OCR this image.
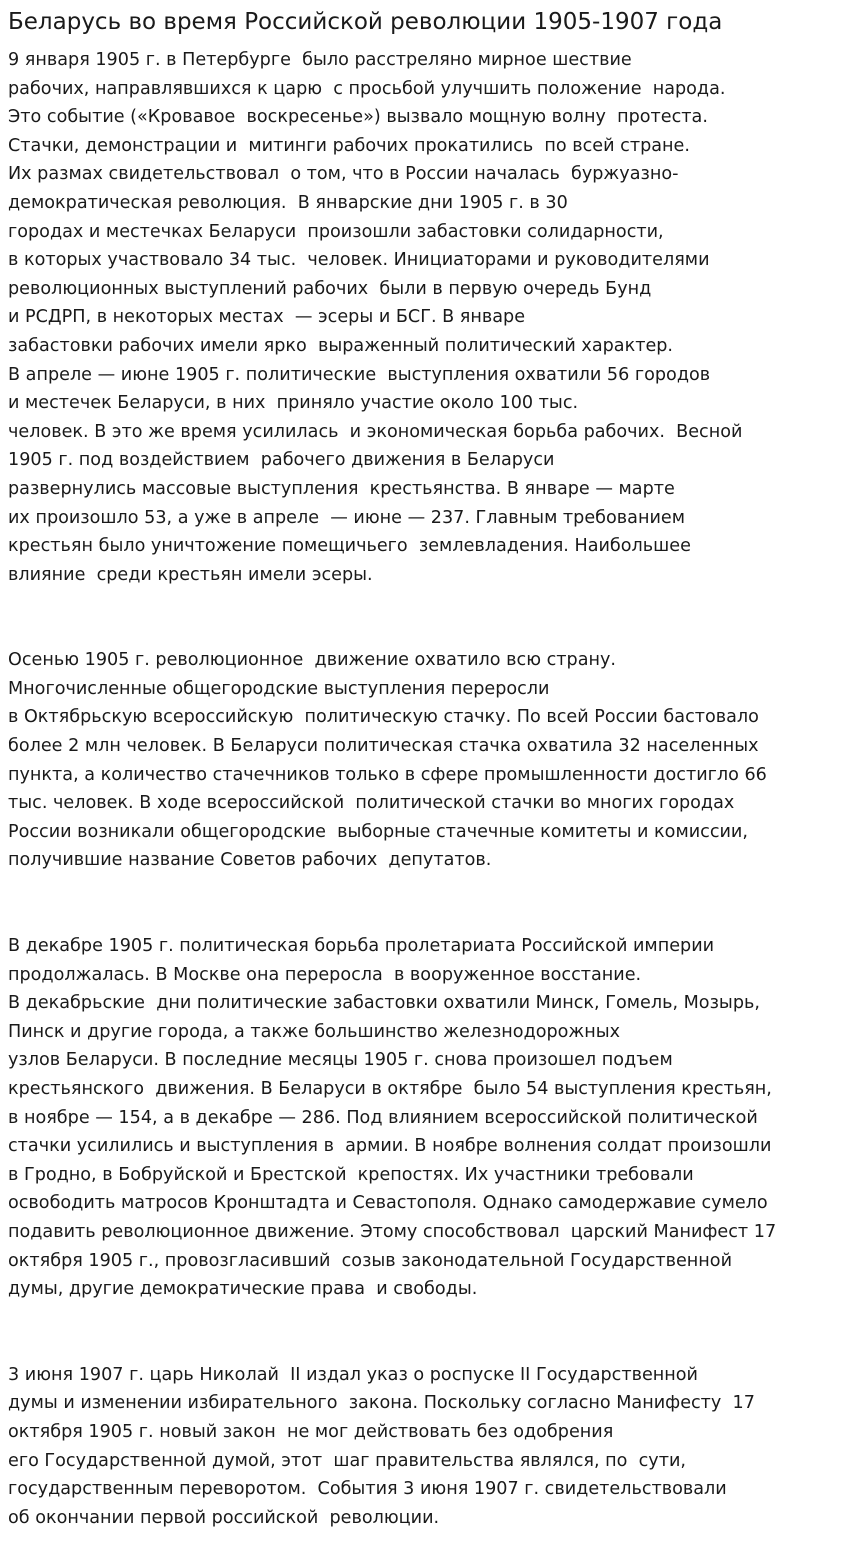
Беларусь во время Российской революции 1905-1907 года
9 января 1905 г. в Петербурге  было расстреляно мирное шествие
рабочих, направлявшихся к царю  с просьбой улучшить положение  народа.
Это событие («Кровавое  воскресенье») вызвало мощную волну  протеста.
Стачки, демонстрации и  митинги рабочих прокатились  по всей стране.
Их размах свидетельствовал  о том, что в России началась  буржуазно-
демократическая революция.  В январские дни 1905 г. в 30
городах и местечках Беларуси  произошли забастовки солидарности,
в которых участвовало 34 тыс.  человек. Инициаторами и руководителями
революционных выступлений рабочих  были в первую очередь Бунд
и РСДРП, в некоторых местах  — эсеры и БСГ. В январе
забастовки рабочих имели ярко  выраженный политический характер.
В апреле — июне 1905 г. политические  выступления охватили 56 городов
и местечек Беларуси, в них  приняло участие около 100 тыс.
человек. В это же время усилилась  и экономическая борьба рабочих.  Весной
1905 г. под воздействием  рабочего движения в Беларуси
развернулись массовые выступления  крестьянства. В январе — марте
их произошло 53, а уже в апреле  — июне — 237. Главным требованием
крестьян было уничтожение помещичьего  землевладения. Наибольшее
влияние  среди крестьян имели эсеры.
Осенью 1905 г. революционное  движение охватило всю страну.
Многочисленные общегородские выступления переросли
в Октябрьскую всероссийскую  политическую стачку. По всей России бастовало
более 2 млн человек. В Беларуси политическая стачка охватила 32 населенных
пункта, а количество стачечников только в сфере промышленности достигло 66
тыс. человек. В ходе всероссийской  политической стачки во многих городах
России возникали общегородские  выборные стачечные комитеты и комиссии,
получившие название Советов рабочих  депутатов.
В декабре 1905 г. политическая борьба пролетариата Российской империи
продолжалась. В Москве она переросла  в вооруженное восстание.
В декабрьские  дни политические забастовки охватили Минск, Гомель, Мозырь,
Пинск и другие города, а также большинство железнодорожных
узлов Беларуси. В последние месяцы 1905 г. снова произошел подъем
крестьянского  движения. В Беларуси в октябре  было 54 выступления крестьян,
в ноябре — 154, а в декабре — 286. Под влиянием всероссийской политической
стачки усилились и выступления в  армии. В ноябре волнения солдат произошли
в Гродно, в Бобруйской и Брестской  крепостях. Их участники требовали
освободить матросов Кронштадта и Севастополя. Однако самодержавие сумело
подавить революционное движение. Этому способствовал  царский Манифест 17
октября 1905 г., провозгласивший  созыв законодательной Государственной
думы, другие демократические права  и свободы.
3 июня 1907 г. царь Николай  II издал указ о роспуске II Государственной
думы и изменении избирательного  закона. Поскольку согласно Манифесту  17
октября 1905 г. новый закон  не мог действовать без одобрения
его Государственной думой, этот  шаг правительства являлся, по  сути,
государственным переворотом.  События 3 июня 1907 г. свидетельствовали
об окончании первой российской  революции.
